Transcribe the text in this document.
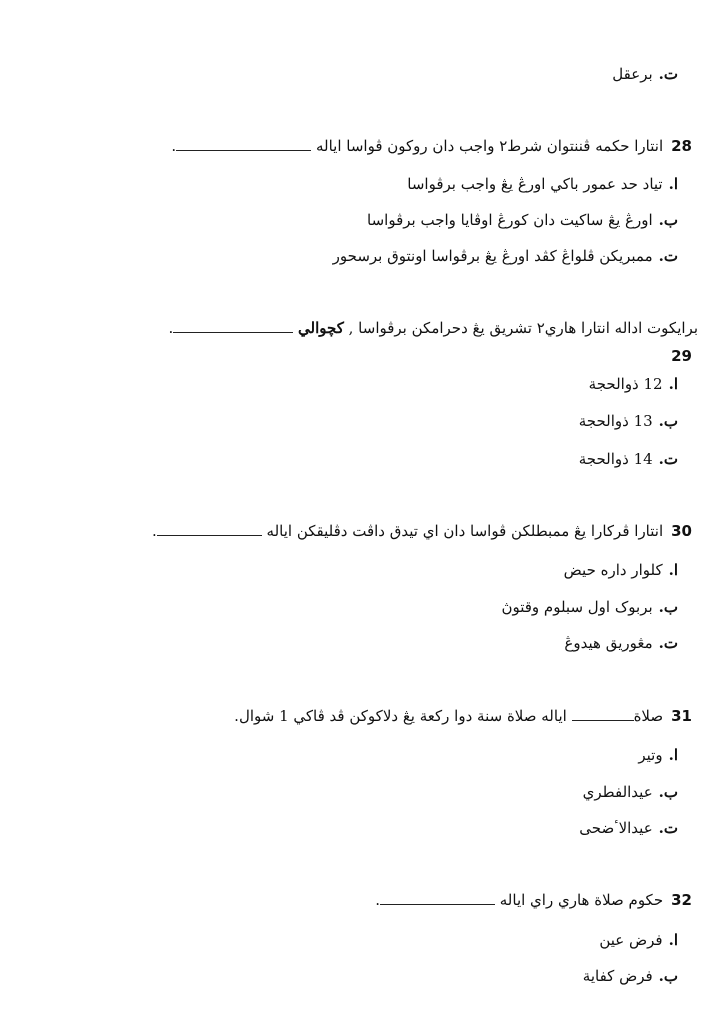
ت.برعقل
28انتارا حکمه ڤننتوان شرط٢ واجب دان روکون ڤواسا اياله .
ا.تياد حد عمور باکي اورڠ يڠ واجب برڤواسا
ب.اورڠ يڠ ساکيت دان کورڠ اوڤايا واجب برڤواسا
ت.ممبريکن ڤلواڠ کڤد اورڠ يڠ برڤواسا اونتوق برسحور
برايکوت اداله انتارا هاري٢ تشريق يڠ دحرامکن برڤواسا , کچوالي .
29
ا.12 ذوالحجة
ب.13 ذوالحجة
ت.14 ذوالحجة
30انتارا ڤرکارا يڠ ممبطلکن ڤواسا دان اي تيدق داڤت دڤليقکن اياله .
ا.کلوار داره حيض
ب.بربوک اول سبلوم وقتوڽ
ت.مڠوريق هيدوڠ
31صلاة اياله صلاة سنة دوا رکعة يڠ دلاکوکن ڤد ڤاکي 1 شوال.
ا.وتير
ب.عيدالفطري
ت.عيدالاٴضحى
32حکوم صلاة هاري راي اياله .
ا.فرض عين
ب.فرض کفاية
